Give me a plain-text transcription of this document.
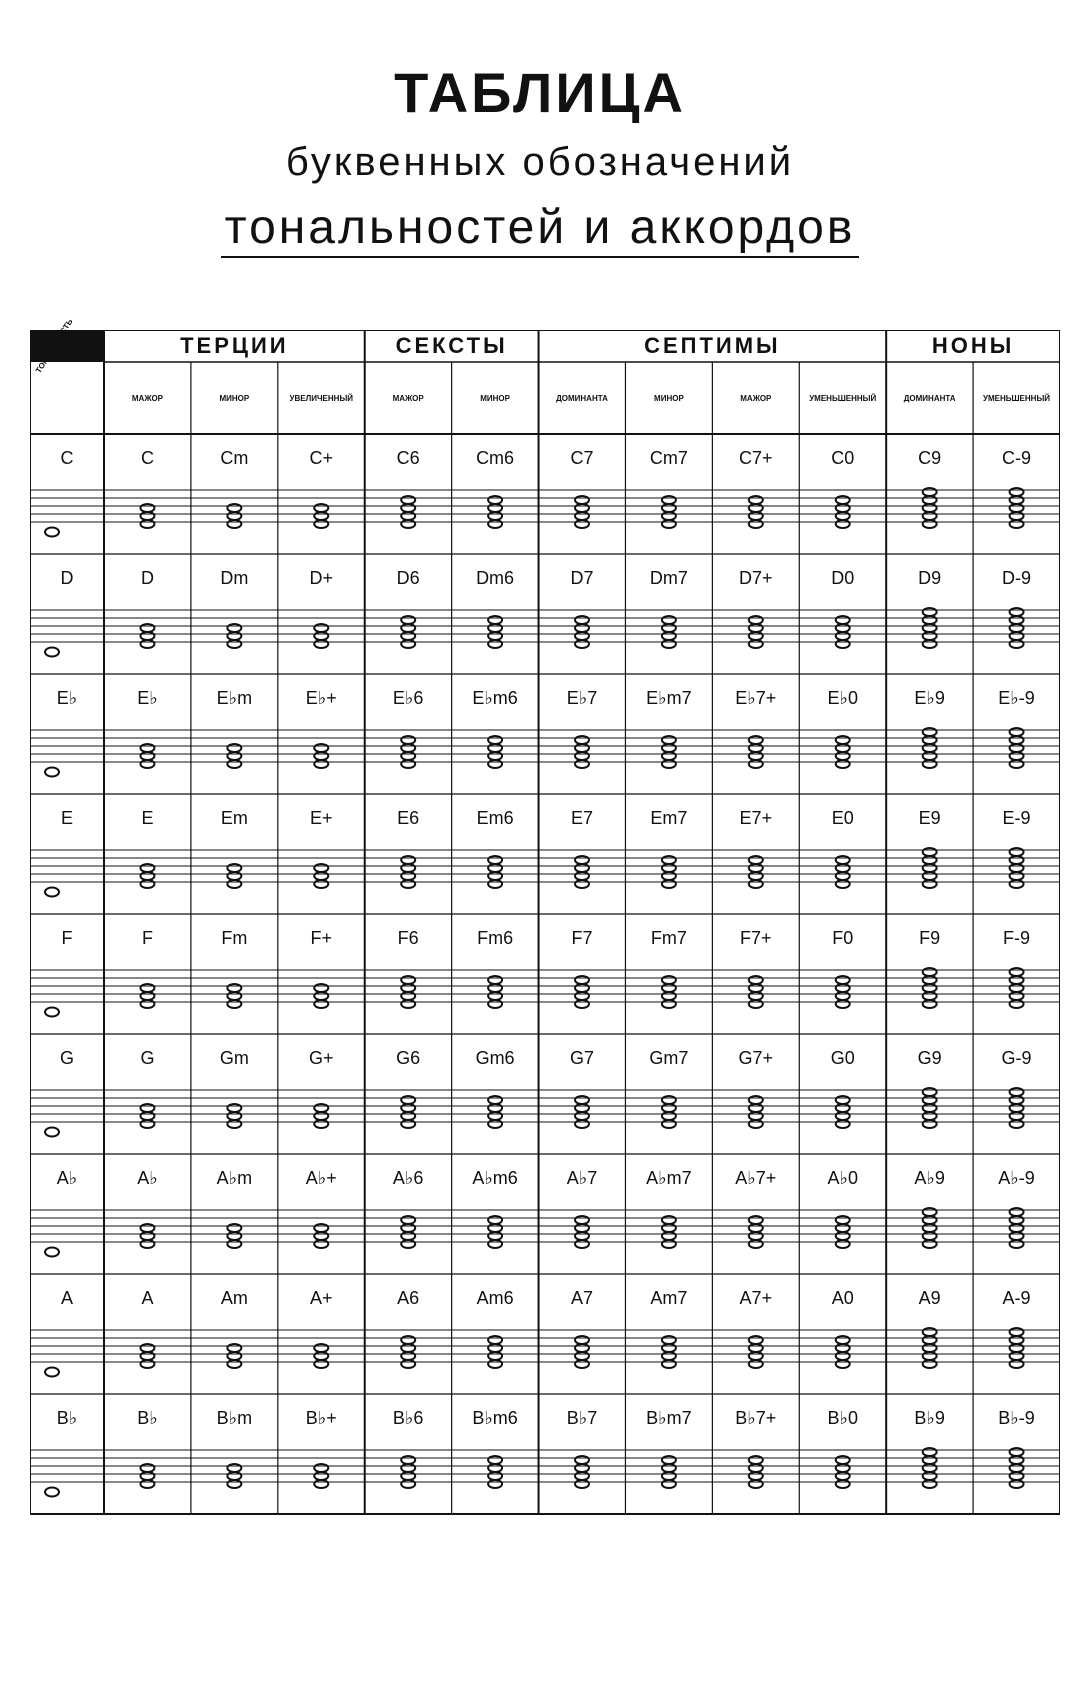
ТАБЛИЦА
буквенных обозначений
тональностей и аккордов
ТОНАЛЬНОСТЬ	ТЕРЦИИ	СЕКСТЫ	СЕПТИМЫ	НОНЫ
МАЖОР	МИНОР	УВЕЛИЧЕННЫЙ	МАЖОР	МИНОР	ДОМИНАНТА	МИНОР	МАЖОР	УМЕНЬШЕННЫЙ	ДОМИНАНТА	УМЕНЬШЕННЫЙ
C	C	Cm	C+	C6	Cm6	C7	Cm7	C7+	C0	C9	C-9
D	D	Dm	D+	D6	Dm6	D7	Dm7	D7+	D0	D9	D-9
E♭	E♭	E♭m	E♭+	E♭6	E♭m6	E♭7	E♭m7	E♭7+	E♭0	E♭9	E♭-9
E	E	Em	E+	E6	Em6	E7	Em7	E7+	E0	E9	E-9
F	F	Fm	F+	F6	Fm6	F7	Fm7	F7+	F0	F9	F-9
G	G	Gm	G+	G6	Gm6	G7	Gm7	G7+	G0	G9	G-9
A♭	A♭	A♭m	A♭+	A♭6	A♭m6	A♭7	A♭m7	A♭7+	A♭0	A♭9	A♭-9
A	A	Am	A+	A6	Am6	A7	Am7	A7+	A0	A9	A-9
B♭	B♭	B♭m	B♭+	B♭6	B♭m6	B♭7	B♭m7	B♭7+	B♭0	B♭9	B♭-9
